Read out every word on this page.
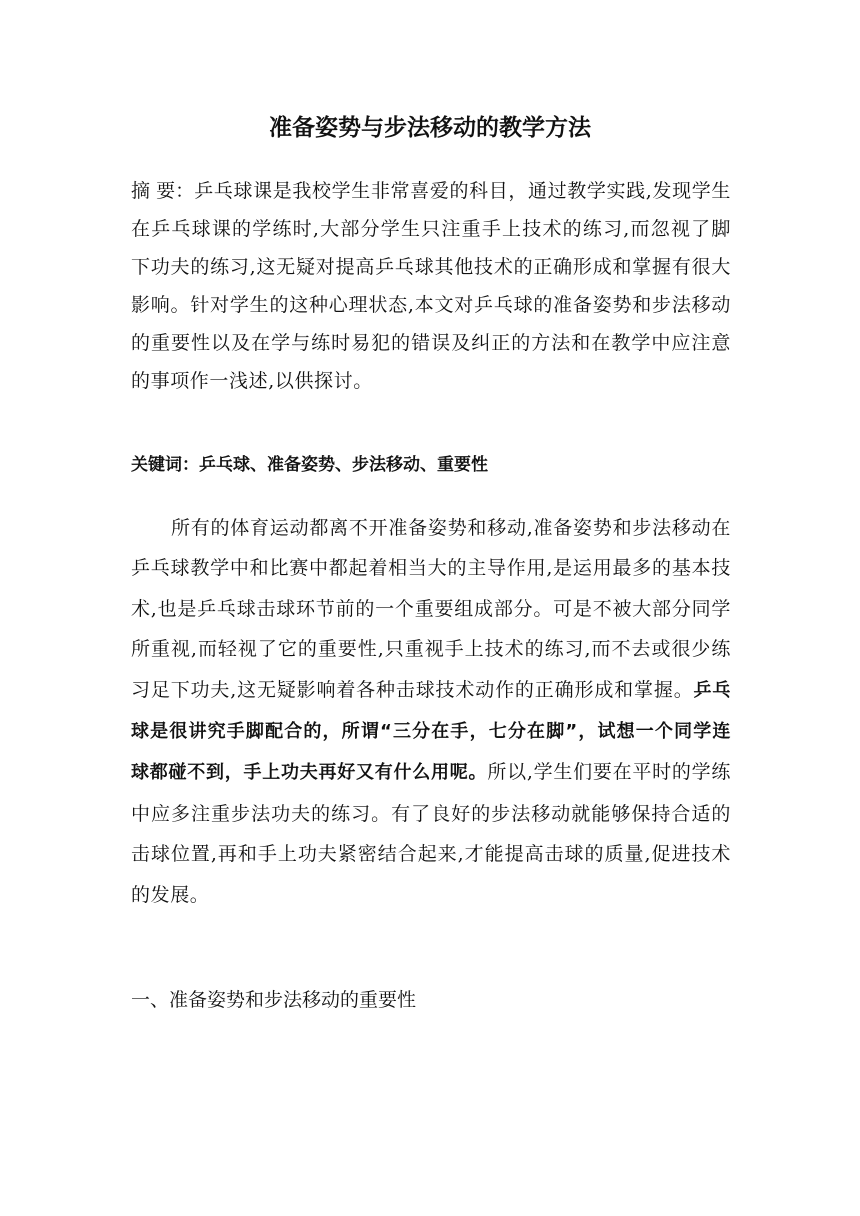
准备姿势与步法移动的教学方法

摘 要：乒乓球课是我校学生非常喜爱的科目，通过教学实践,发现学生在乒乓球课的学练时,大部分学生只注重手上技术的练习,而忽视了脚下功夫的练习,这无疑对提高乒乓球其他技术的正确形成和掌握有很大影响。针对学生的这种心理状态,本文对乒乓球的准备姿势和步法移动的重要性以及在学与练时易犯的错误及纠正的方法和在教学中应注意的事项作一浅述,以供探讨。

关键词：乒乓球、准备姿势、步法移动、重要性

所有的体育运动都离不开准备姿势和移动,准备姿势和步法移动在乒乓球教学中和比赛中都起着相当大的主导作用,是运用最多的基本技术,也是乒乓球击球环节前的一个重要组成部分。可是不被大部分同学所重视,而轻视了它的重要性,只重视手上技术的练习,而不去或很少练习足下功夫,这无疑影响着各种击球技术动作的正确形成和掌握。乒乓球是很讲究手脚配合的，所谓“三分在手，七分在脚”，试想一个同学连球都碰不到，手上功夫再好又有什么用呢。所以,学生们要在平时的学练中应多注重步法功夫的练习。有了良好的步法移动就能够保持合适的击球位置,再和手上功夫紧密结合起来,才能提高击球的质量,促进技术的发展。

一、准备姿势和步法移动的重要性
